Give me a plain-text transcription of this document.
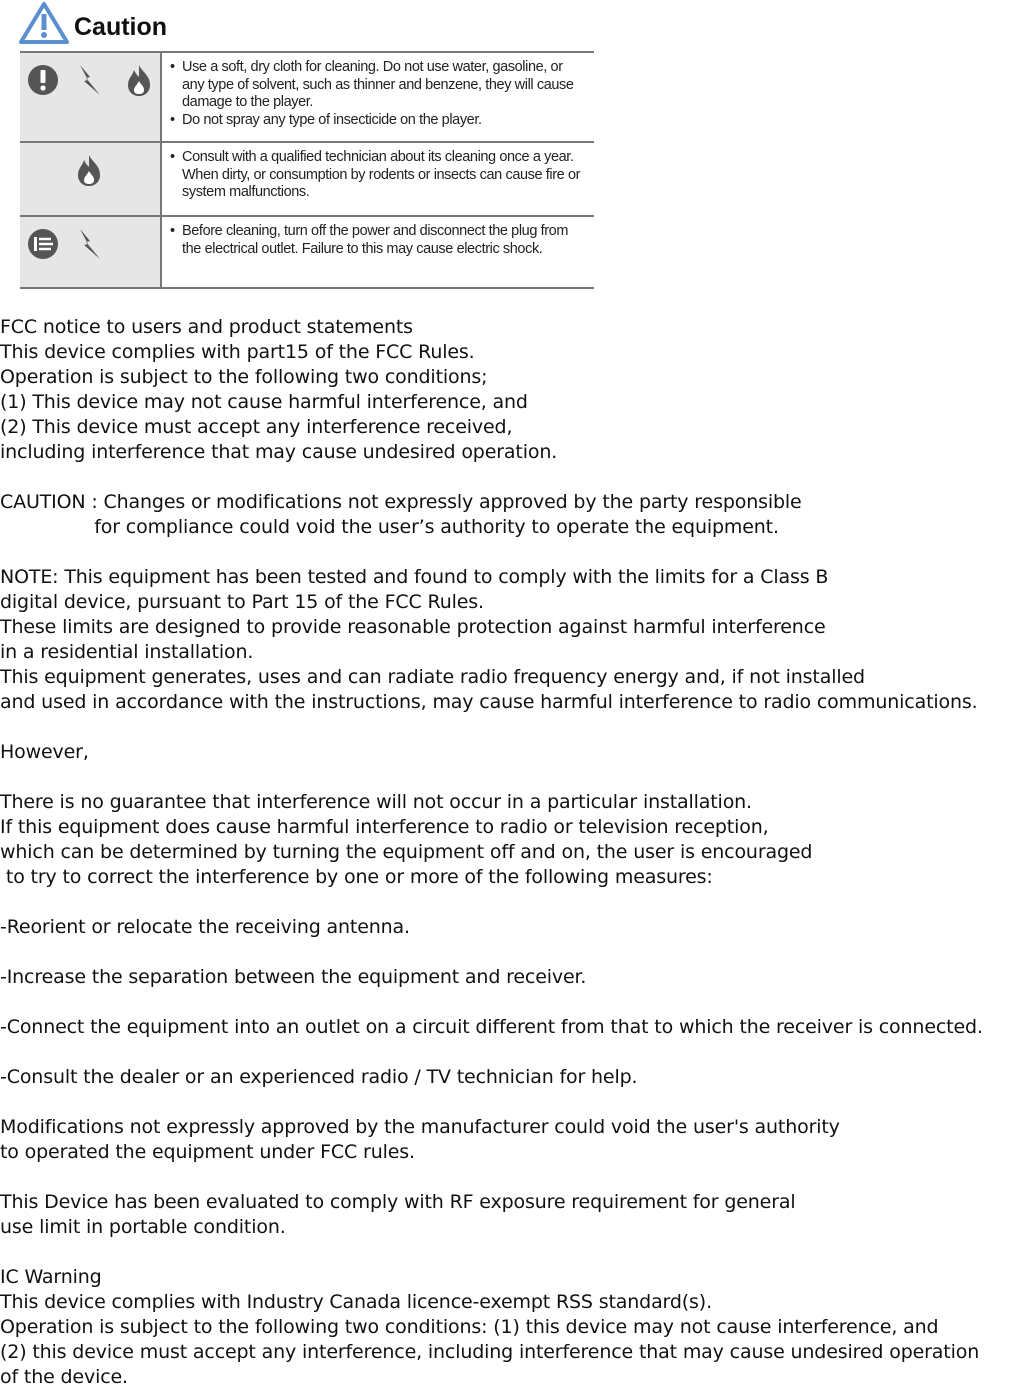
Caution

• Use a soft, dry cloth for cleaning. Do not use water, gasoline, or any type of solvent, such as thinner and benzene, they will cause damage to the player.
• Do not spray any type of insecticide on the player.

• Consult with a qualified technician about its cleaning once a year. When dirty, or consumption by rodents or insects can cause fire or system malfunctions.

• Before cleaning, turn off the power and disconnect the plug from the electrical outlet. Failure to this may cause electric shock.
FCC notice to users and product statements
This device complies with part15 of the FCC Rules.
Operation is subject to the following two conditions;
(1) This device may not cause harmful interference, and
(2) This device must accept any interference received,
including interference that may cause undesired operation.
CAUTION : Changes or modifications not expressly approved by the party responsible
for compliance could void the user’s authority to operate the equipment.
NOTE: This equipment has been tested and found to comply with the limits for a Class B
digital device, pursuant to Part 15 of the FCC Rules.
These limits are designed to provide reasonable protection against harmful interference
in a residential installation.
This equipment generates, uses and can radiate radio frequency energy and, if not installed
and used in accordance with the instructions, may cause harmful interference to radio communications.
However,
There is no guarantee that interference will not occur in a particular installation.
If this equipment does cause harmful interference to radio or television reception,
which can be determined by turning the equipment off and on, the user is encouraged
to try to correct the interference by one or more of the following measures:
-Reorient or relocate the receiving antenna.
-Increase the separation between the equipment and receiver.
-Connect the equipment into an outlet on a circuit different from that to which the receiver is connected.
-Consult the dealer or an experienced radio / TV technician for help.
Modifications not expressly approved by the manufacturer could void the user's authority
to operated the equipment under FCC rules.
This Device has been evaluated to comply with RF exposure requirement for general
use limit in portable condition.
IC Warning
This device complies with Industry Canada licence-exempt RSS standard(s).
Operation is subject to the following two conditions: (1) this device may not cause interference, and
(2) this device must accept any interference, including interference that may cause undesired operation
of the device.
